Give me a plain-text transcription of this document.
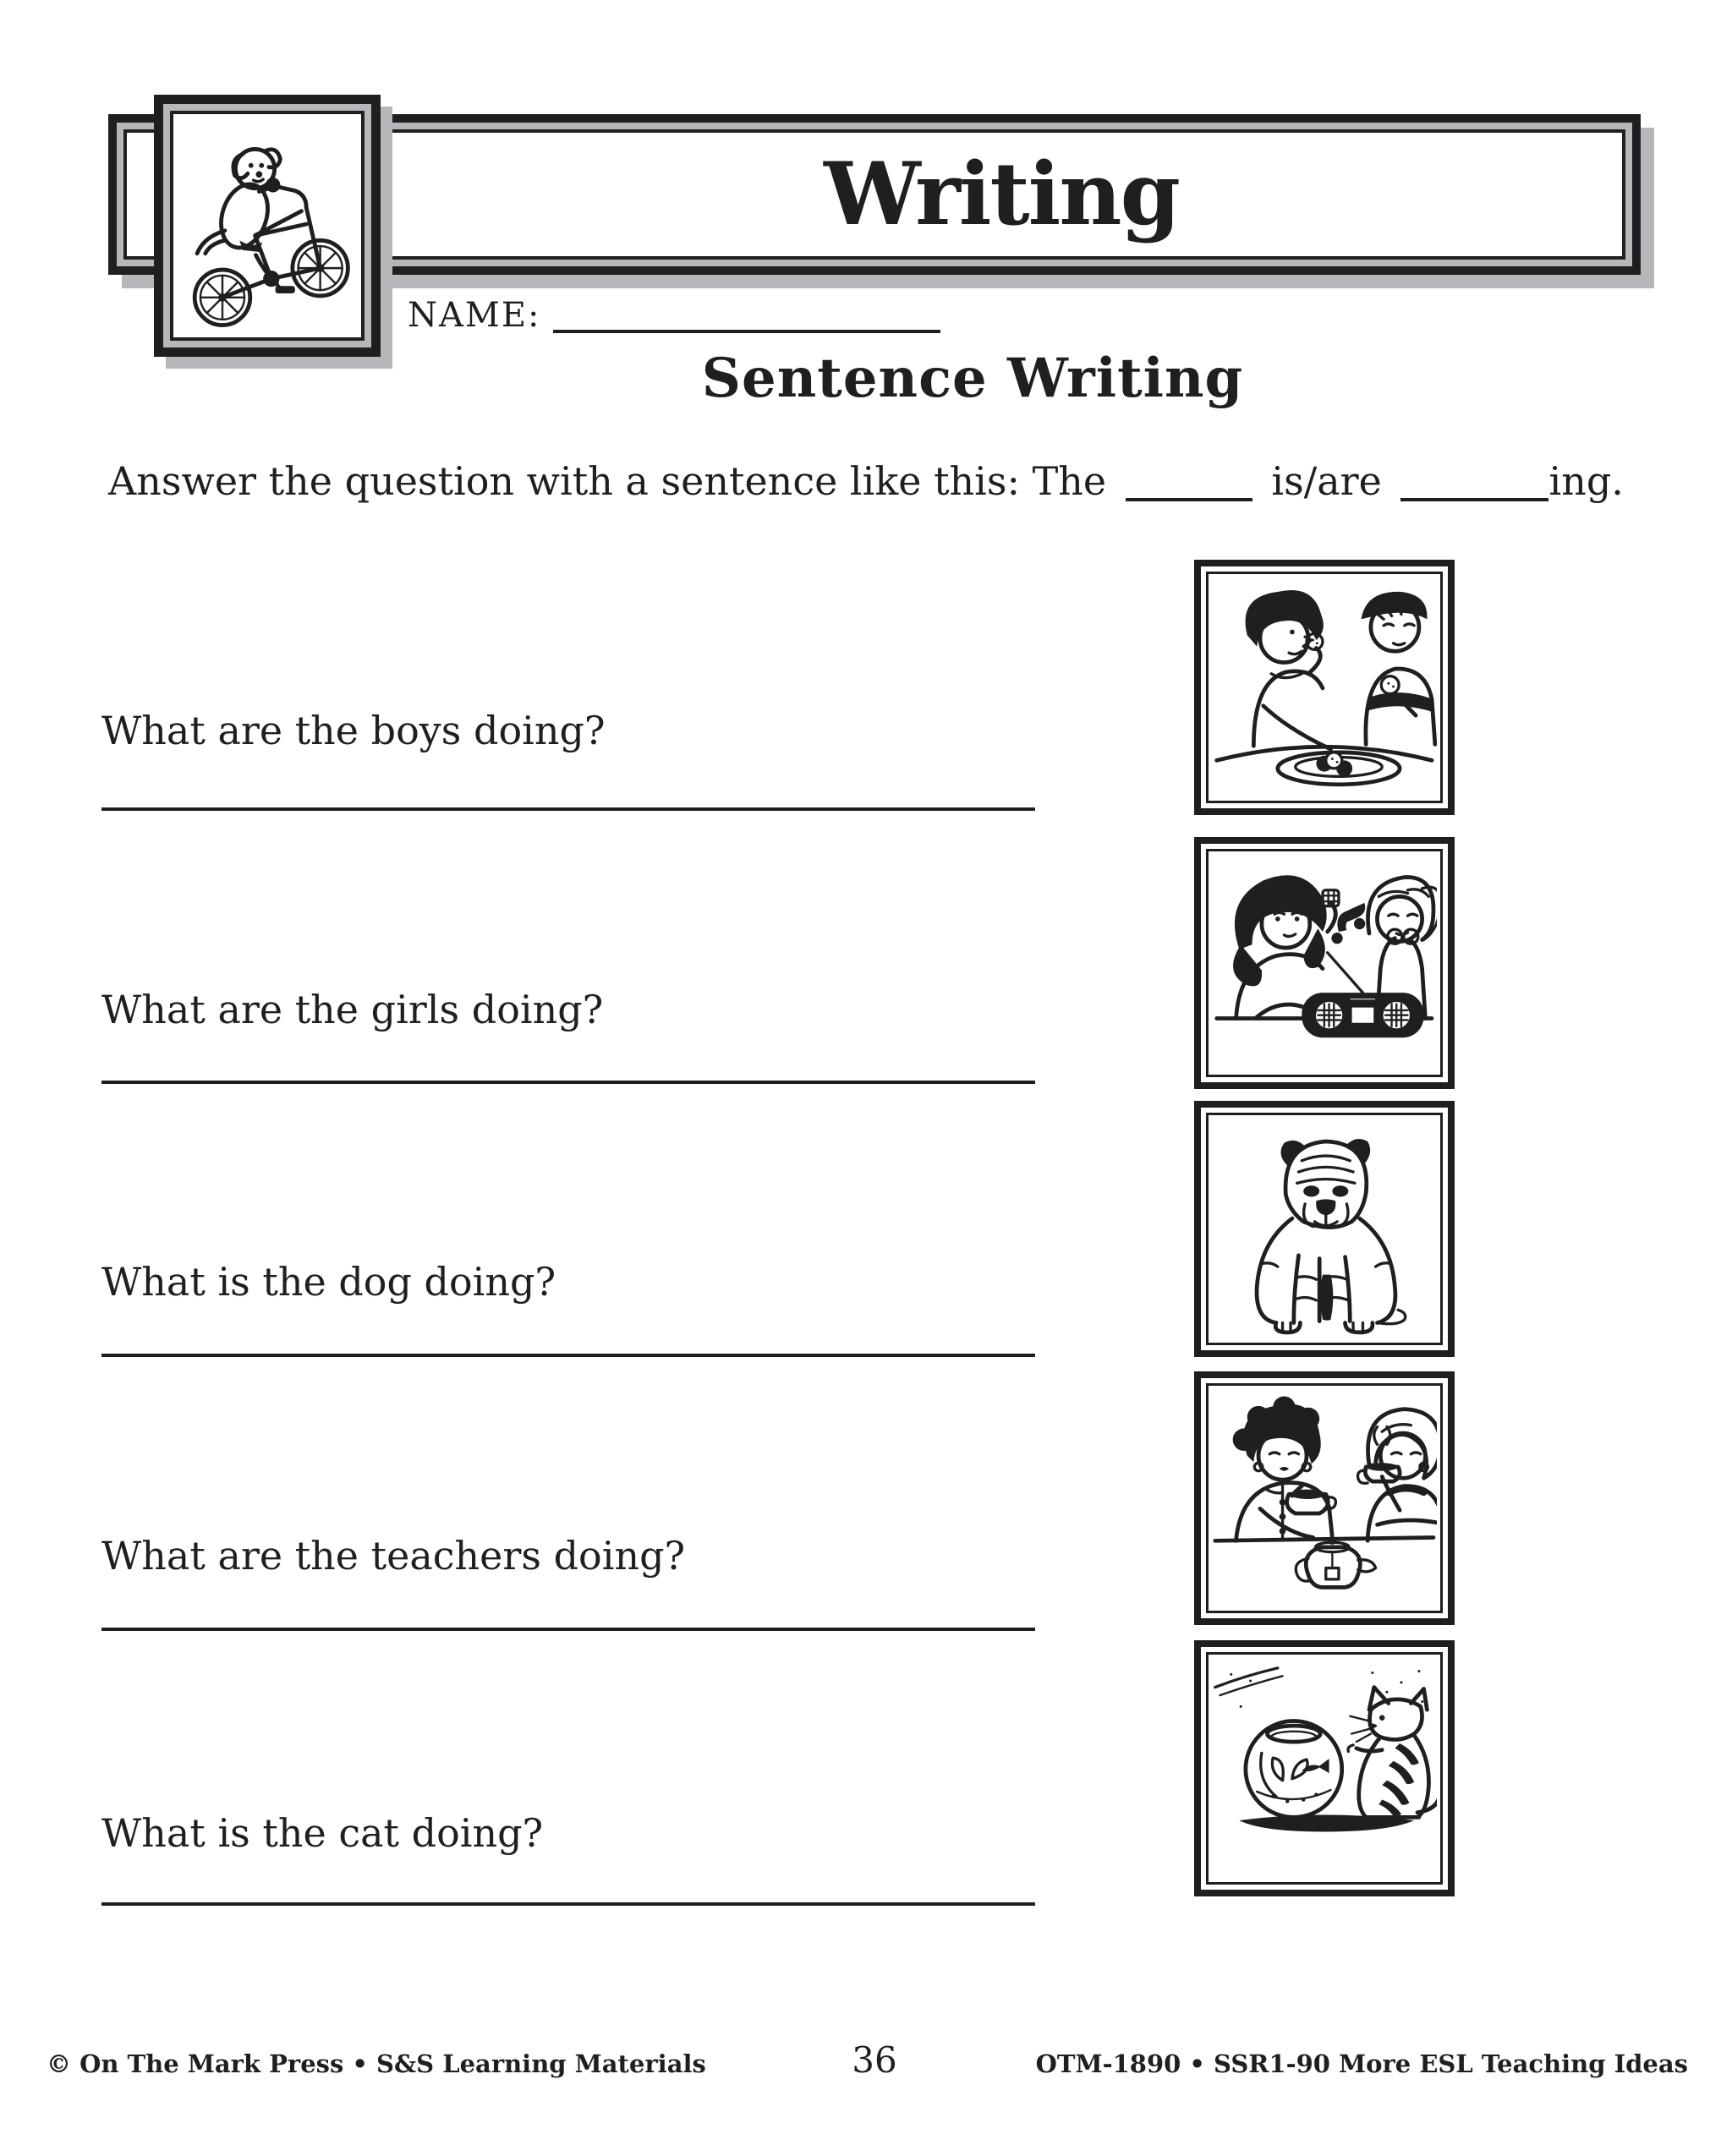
Writing
NAME:
Sentence Writing
Answer the question with a sentence like this: The	is/are	ing.
What are the boys doing?
What are the girls doing?
What is the dog doing?
What are the teachers doing?
What is the cat doing?
© On The Mark Press • S&S Learning Materials	36	OTM-1890 • SSR1-90 More ESL Teaching Ideas
